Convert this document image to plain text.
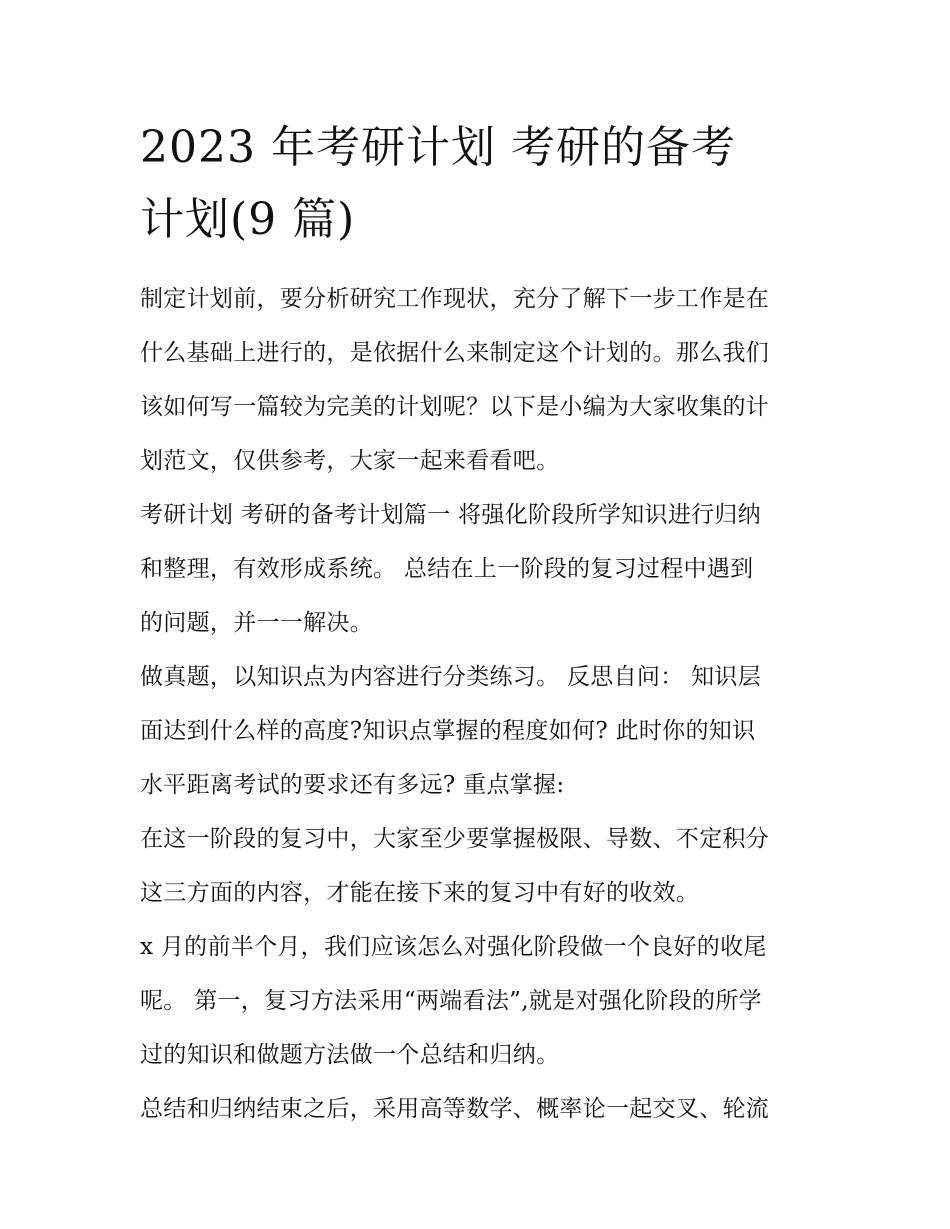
2023 年考研计划 考研的备考
计划(9 篇)

制定计划前，要分析研究工作现状，充分了解下一步工作是在
什么基础上进行的，是依据什么来制定这个计划的。那么我们
该如何写一篇较为完美的计划呢？以下是小编为大家收集的计
划范文，仅供参考，大家一起来看看吧。

考研计划 考研的备考计划篇一 将强化阶段所学知识进行归纳
和整理，有效形成系统。 总结在上一阶段的复习过程中遇到
的问题，并一一解决。

做真题，以知识点为内容进行分类练习。 反思自问： 知识层
面达到什么样的高度?知识点掌握的程度如何? 此时你的知识
水平距离考试的要求还有多远? 重点掌握:

在这一阶段的复习中，大家至少要掌握极限、导数、不定积分
这三方面的内容，才能在接下来的复习中有好的收效。

x 月的前半个月，我们应该怎么对强化阶段做一个良好的收尾
呢。 第一，复习方法采用“两端看法”,就是对强化阶段的所学
过的知识和做题方法做一个总结和归纳。

总结和归纳结束之后，采用高等数学、概率论一起交叉、轮流
